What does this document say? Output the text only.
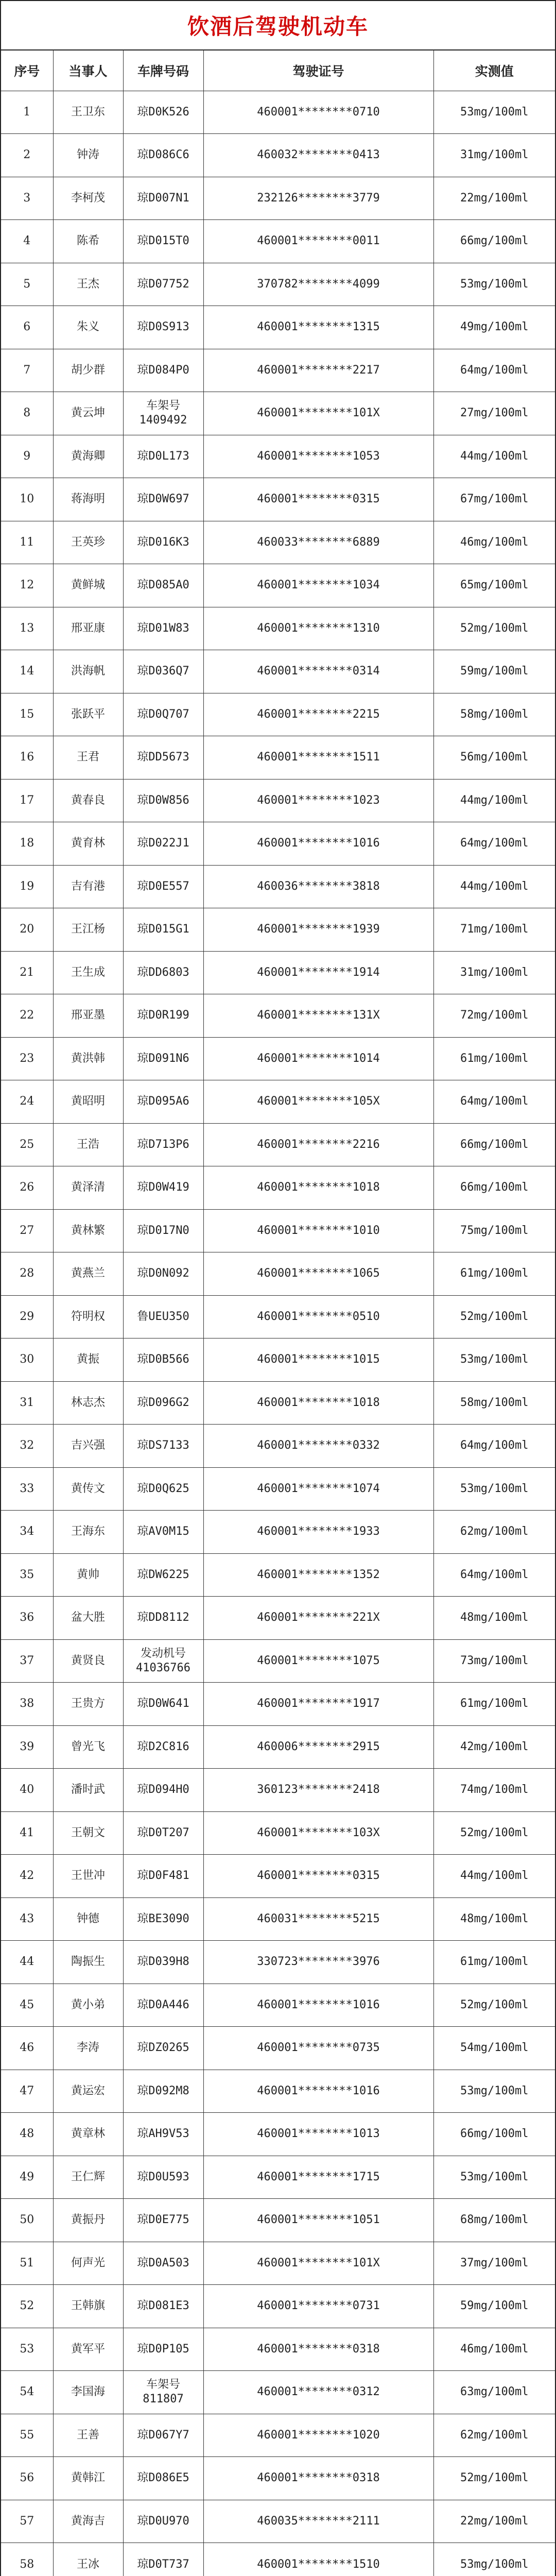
饮酒后驾驶机动车
序号	当事人	车牌号码	驾驶证号	实测值
1	王卫东	琼D0K526	460001********0710	53mg/100ml
2	钟涛	琼D086C6	460032********0413	31mg/100ml
3	李柯茂	琼D007N1	232126********3779	22mg/100ml
4	陈希	琼D015T0	460001********0011	66mg/100ml
5	王杰	琼D07752	370782********4099	53mg/100ml
6	朱义	琼D0S913	460001********1315	49mg/100ml
7	胡少群	琼D084P0	460001********2217	64mg/100ml
8	黄云坤	车架号
1409492	460001********101X	27mg/100ml
9	黄海卿	琼D0L173	460001********1053	44mg/100ml
10	蒋海明	琼D0W697	460001********0315	67mg/100ml
11	王英珍	琼D016K3	460033********6889	46mg/100ml
12	黄鲜城	琼D085A0	460001********1034	65mg/100ml
13	邢亚康	琼D01W83	460001********1310	52mg/100ml
14	洪海帆	琼D036Q7	460001********0314	59mg/100ml
15	张跃平	琼D0Q707	460001********2215	58mg/100ml
16	王君	琼DD5673	460001********1511	56mg/100ml
17	黄春良	琼D0W856	460001********1023	44mg/100ml
18	黄育林	琼D022J1	460001********1016	64mg/100ml
19	吉有港	琼D0E557	460036********3818	44mg/100ml
20	王江杨	琼D015G1	460001********1939	71mg/100ml
21	王生成	琼DD6803	460001********1914	31mg/100ml
22	邢亚墨	琼D0R199	460001********131X	72mg/100ml
23	黄洪韩	琼D091N6	460001********1014	61mg/100ml
24	黄昭明	琼D095A6	460001********105X	64mg/100ml
25	王浩	琼D713P6	460001********2216	66mg/100ml
26	黄泽清	琼D0W419	460001********1018	66mg/100ml
27	黄林繁	琼D017N0	460001********1010	75mg/100ml
28	黄燕兰	琼D0N092	460001********1065	61mg/100ml
29	符明权	鲁UEU350	460001********0510	52mg/100ml
30	黄振	琼D0B566	460001********1015	53mg/100ml
31	林志杰	琼D096G2	460001********1018	58mg/100ml
32	吉兴强	琼DS7133	460001********0332	64mg/100ml
33	黄传文	琼D0Q625	460001********1074	53mg/100ml
34	王海东	琼AV0M15	460001********1933	62mg/100ml
35	黄帅	琼DW6225	460001********1352	64mg/100ml
36	盆大胜	琼DD8112	460001********221X	48mg/100ml
37	黄贤良	发动机号
41036766	460001********1075	73mg/100ml
38	王贵方	琼D0W641	460001********1917	61mg/100ml
39	曾光飞	琼D2C816	460006********2915	42mg/100ml
40	潘时武	琼D094H0	360123********2418	74mg/100ml
41	王朝文	琼D0T207	460001********103X	52mg/100ml
42	王世冲	琼D0F481	460001********0315	44mg/100ml
43	钟德	琼BE3090	460031********5215	48mg/100ml
44	陶振生	琼D039H8	330723********3976	61mg/100ml
45	黄小弟	琼D0A446	460001********1016	52mg/100ml
46	李涛	琼DZ0265	460001********0735	54mg/100ml
47	黄运宏	琼D092M8	460001********1016	53mg/100ml
48	黄章林	琼AH9V53	460001********1013	66mg/100ml
49	王仁辉	琼D0U593	460001********1715	53mg/100ml
50	黄振丹	琼D0E775	460001********1051	68mg/100ml
51	何声光	琼D0A503	460001********101X	37mg/100ml
52	王韩旗	琼D081E3	460001********0731	59mg/100ml
53	黄军平	琼D0P105	460001********0318	46mg/100ml
54	李国海	车架号
811807	460001********0312	63mg/100ml
55	王善	琼D067Y7	460001********1020	62mg/100ml
56	黄韩江	琼D086E5	460001********0318	52mg/100ml
57	黄海吉	琼D0U970	460035********2111	22mg/100ml
58	王冰	琼D0T737	460001********1510	53mg/100ml
